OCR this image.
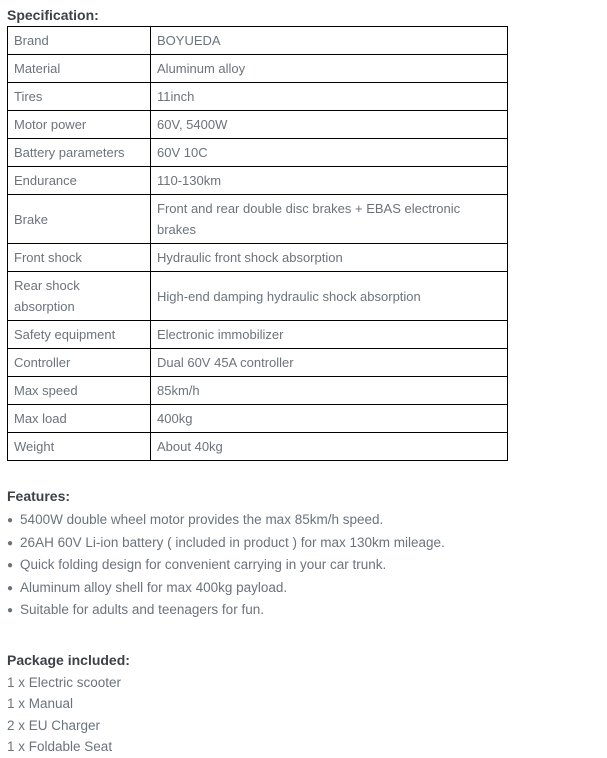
Specification:
Brand	BOYUEDA
Material	Aluminum alloy
Tires	11inch
Motor power	60V, 5400W
Battery parameters	60V 10C
Endurance	110-130km
Brake	Front and rear double disc brakes + EBAS electronic brakes
Front shock	Hydraulic front shock absorption
Rear shock absorption	High-end damping hydraulic shock absorption
Safety equipment	Electronic immobilizer
Controller	Dual 60V 45A controller
Max speed	85km/h
Max load	400kg
Weight	About 40kg
Features:
● 5400W double wheel motor provides the max 85km/h speed.
● 26AH 60V Li-ion battery ( included in product ) for max 130km mileage.
● Quick folding design for convenient carrying in your car trunk.
● Aluminum alloy shell for max 400kg payload.
● Suitable for adults and teenagers for fun.
Package included:
1 x Electric scooter
1 x Manual
2 x EU Charger
1 x Foldable Seat
